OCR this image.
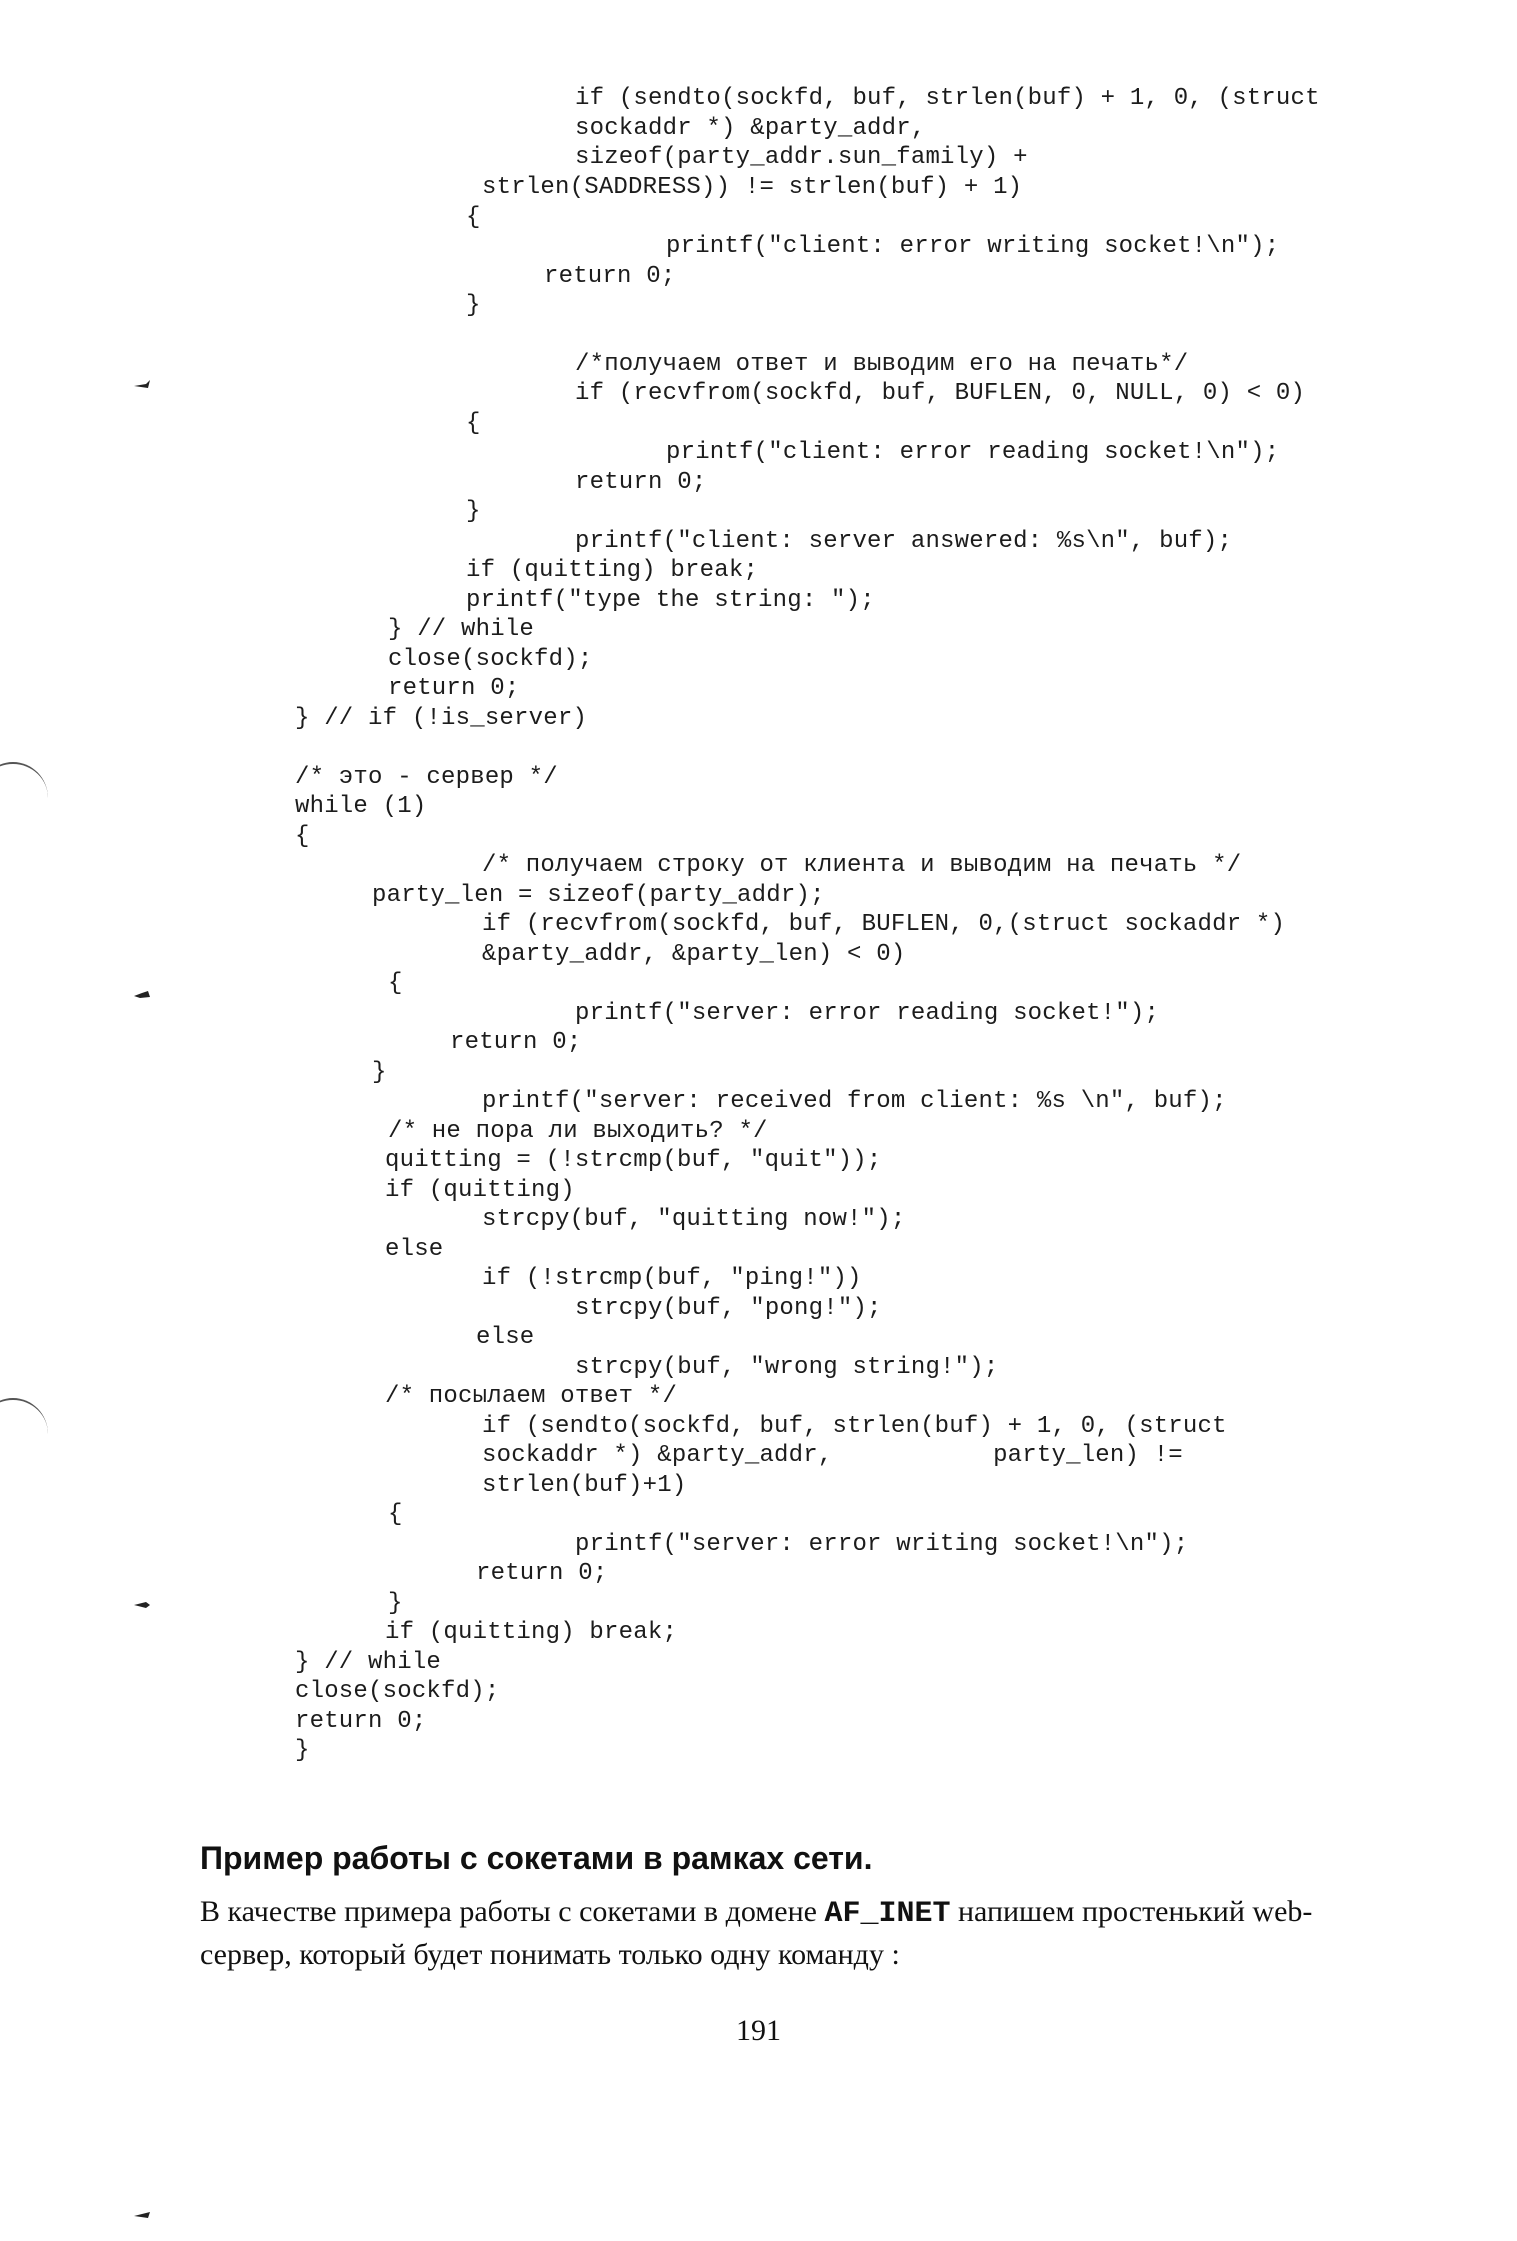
if (sendto(sockfd, buf, strlen(buf) + 1, 0, (struct
sockaddr *) &party_addr,
sizeof(party_addr.sun_family) +
strlen(SADDRESS)) != strlen(buf) + 1)
{
printf("client: error writing socket!\n");
return 0;
}
/*получаем ответ и выводим его на печать*/
if (recvfrom(sockfd, buf, BUFLEN, 0, NULL, 0) < 0)
{
printf("client: error reading socket!\n");
return 0;
}
printf("client: server answered: %s\n", buf);
if (quitting) break;
printf("type the string: ");
} // while
close(sockfd);
return 0;
} // if (!is_server)
/* это - сервер */
while (1)
{
/* получаем строку от клиента и выводим на печать */
party_len = sizeof(party_addr);
if (recvfrom(sockfd, buf, BUFLEN, 0,(struct sockaddr *)
&party_addr, &party_len) < 0)
{
printf("server: error reading socket!");
return 0;
}
printf("server: received from client: %s \n", buf);
/* не пора ли выходить? */
quitting = (!strcmp(buf, "quit"));
if (quitting)
strcpy(buf, "quitting now!");
else
if (!strcmp(buf, "ping!"))
strcpy(buf, "pong!");
else
strcpy(buf, "wrong string!");
/* посылаем ответ */
if (sendto(sockfd, buf, strlen(buf) + 1, 0, (struct
sockaddr *) &party_addr,           party_len) !=
strlen(buf)+1)
{
printf("server: error writing socket!\n");
return 0;
}
if (quitting) break;
} // while
close(sockfd);
return 0;
}
Пример работы с сокетами в рамках сети.
В качестве примера работы с сокетами в домене AF_INET напишем простенький web-
сервер, который будет понимать только одну команду :
191
